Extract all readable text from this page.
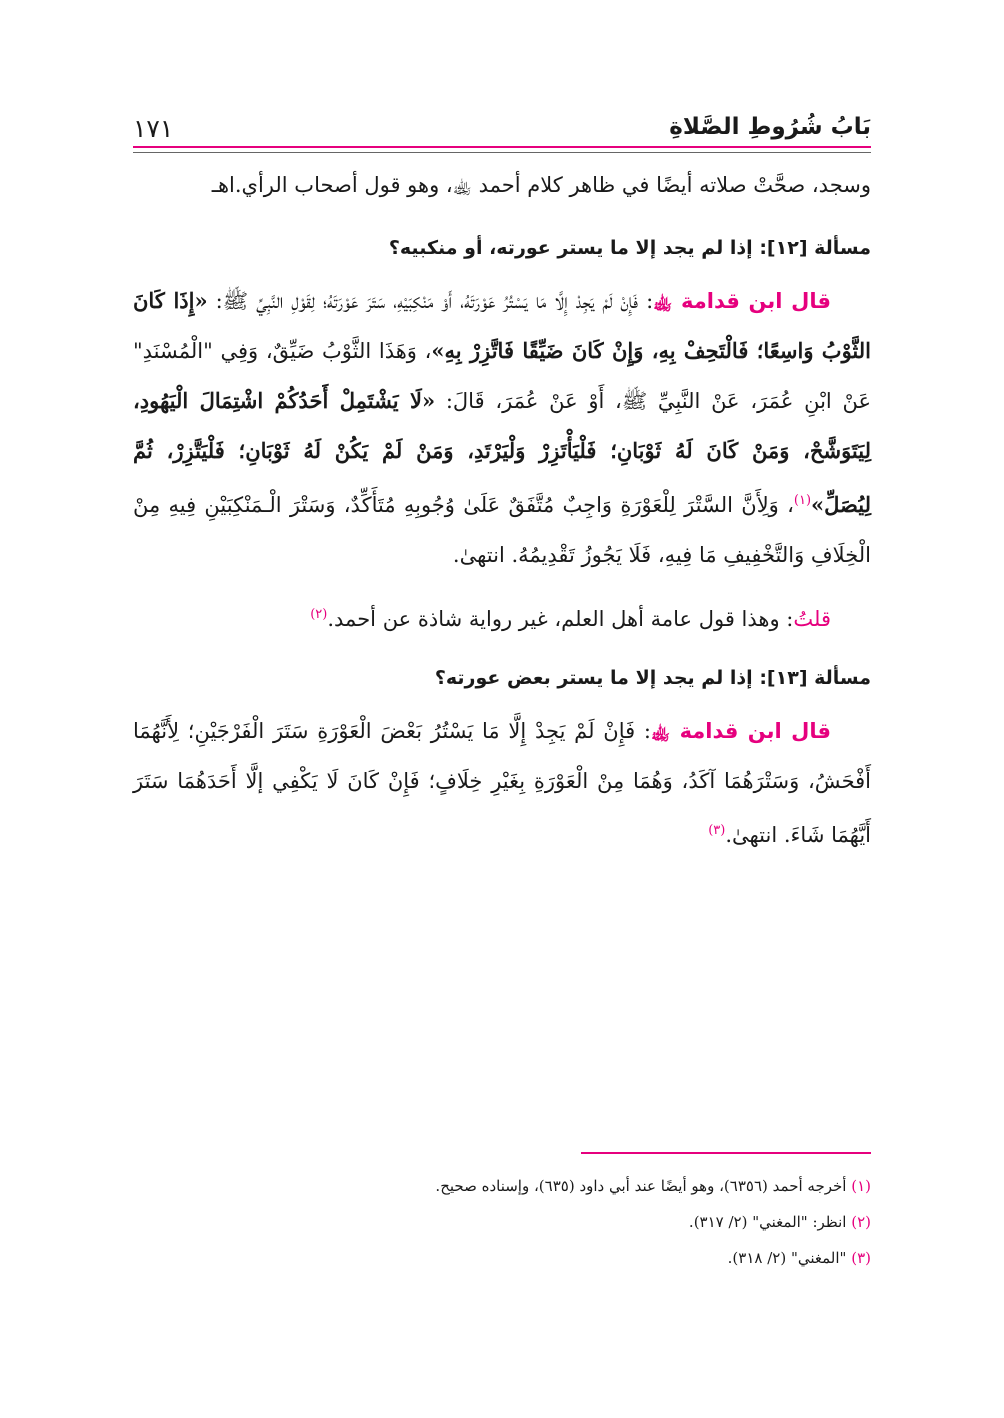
بَابُ شُرُوطِ الصَّلاةِ
١٧١

وسجد، صحَّتْ صلاته أيضًا في ظاهر كلام أحمد ﵀، وهو قول أصحاب الرأي.اهـ

مسألة [١٢]: إذا لم يجد إلا ما يستر عورته، أو منكبيه؟

قال ابن قدامة ﵀: فَإِنْ لَمْ يَجِدْ إِلَّا مَا يَسْتُرُ عَوْرَتَهُ، أَوْ مَنْكِبَيْهِ، سَتَرَ عَوْرَتَهُ؛ لِقَوْلِ النَّبِيِّ ﷺ: «إِذَا كَانَ الثَّوْبُ وَاسِعًا؛ فَالْتَحِفْ بِهِ، وَإِنْ كَانَ ضَيِّقًا فَاتَّزِرْ بِهِ»، وَهَذَا الثَّوْبُ ضَيِّقٌ، وَفِي "الْمُسْنَدِ" عَنْ ابْنِ عُمَرَ، عَنْ النَّبِيِّ ﷺ، أَوْ عَنْ عُمَرَ، قَالَ: «لَا يَشْتَمِلْ أَحَدُكُمْ اشْتِمَالَ الْيَهُودِ، لِيَتَوَشَّحْ، وَمَنْ كَانَ لَهُ ثَوْبَانِ؛ فَلْيَأْتَزِرْ وَلْيَرْتَدِ، وَمَنْ لَمْ يَكُنْ لَهُ ثَوْبَانِ؛ فَلْيَتَّزِرْ، ثُمَّ لِيُصَلِّ»$^{(١)}$، وَلِأَنَّ السَّتْرَ لِلْعَوْرَةِ وَاجِبٌ مُتَّفَقٌ عَلَىٰ وُجُوبِهِ مُتَأَكِّدٌ، وَسَتْرَ الْـمَنْكِبَيْنِ فِيهِ مِنْ الْخِلَافِ وَالتَّخْفِيفِ مَا فِيهِ، فَلَا يَجُوزُ تَقْدِيمُهُ. انتهىٰ.

قلتُ: وهذا قول عامة أهل العلم، غير رواية شاذة عن أحمد.$^{(٢)}$

مسألة [١٣]: إذا لم يجد إلا ما يستر بعض عورته؟

قال ابن قدامة ﵀: فَإِنْ لَمْ يَجِدْ إِلَّا مَا يَسْتُرُ بَعْضَ الْعَوْرَةِ سَتَرَ الْفَرْجَيْنِ؛ لِأَنَّهُمَا أَفْحَشُ، وَسَتْرَهُمَا آكَدُ، وَهُمَا مِنْ الْعَوْرَةِ بِغَيْرِ خِلَافٍ؛ فَإِنْ كَانَ لَا يَكْفِي إلَّا أَحَدَهُمَا سَتَرَ أَيَّهُمَا شَاءَ. انتهىٰ.$^{(٣)}$

(١) أخرجه أحمد (٦٣٥٦)، وهو أيضًا عند أبي داود (٦٣٥)، وإسناده صحيح.

(٢) انظر: "المغني" (٢/ ٣١٧).

(٣) "المغني" (٢/ ٣١٨).
